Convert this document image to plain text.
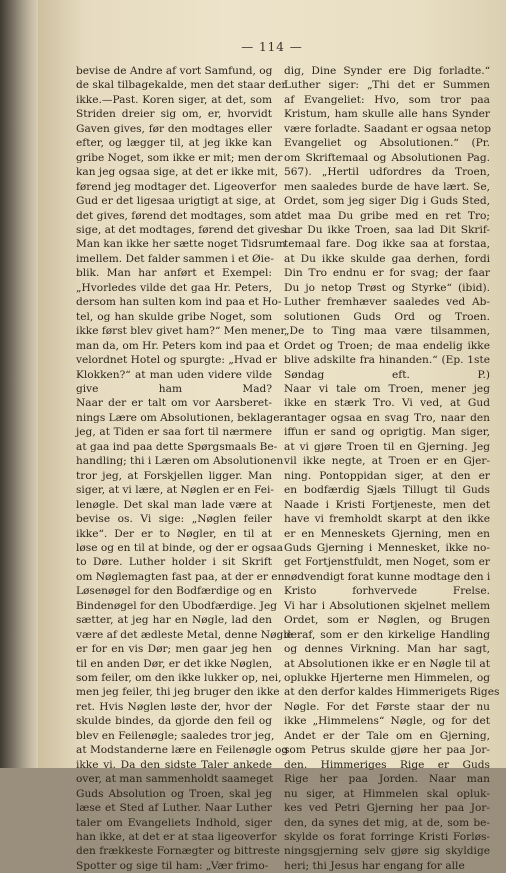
— 114 —
bevise de Andre af vort Samfund, og
de skal tilbagekalde, men det staar der
ikke.—Past. Koren siger, at det, som
Striden dreier sig om, er, hvorvidt
Gaven gives, før den modtages eller
efter, og lægger til, at jeg ikke kan
gribe Noget, som ikke er mit; men der
kan jeg ogsaa sige, at det er ikke mit,
førend jeg modtager det. Ligeoverfor
Gud er det ligesaa urigtigt at sige, at
det gives, førend det modtages, som at
sige, at det modtages, førend det gives.
Man kan ikke her sætte noget Tidsrum
imellem. Det falder sammen i et Øie-
blik. Man har anført et Exempel:
„Hvorledes vilde det gaa Hr. Peters,
dersom han sulten kom ind paa et Ho-
tel, og han skulde gribe Noget, som
ikke først blev givet ham?“ Men mener
man da, om Hr. Peters kom ind paa et
velordnet Hotel og spurgte: „Hvad er
Klokken?“ at man uden videre vilde
give ham Mad?
Naar der er talt om vor Aarsberet-
nings Lære om Absolutionen, beklager
jeg, at Tiden er saa fort til nærmere
at gaa ind paa dette Spørgsmaals Be-
handling; thi i Læren om Absolutionen
tror jeg, at Forskjellen ligger. Man
siger, at vi lære, at Nøglen er en Fei-
lenøgle. Det skal man lade være at
bevise os. Vi sige: „Nøglen feiler
ikke“. Der er to Nøgler, en til at
løse og en til at binde, og der er ogsaa
to Døre. Luther holder i sit Skrift
om Nøglemagten fast paa, at der er en
Løsenøgel for den Bodfærdige og en
Bindenøgel for den Ubodfærdige. Jeg
sætter, at jeg har en Nøgle, lad den
være af det ædleste Metal, denne Nøgle
er for en vis Dør; men gaar jeg hen
til en anden Dør, er det ikke Nøglen,
som feiler, om den ikke lukker op, nei,
men jeg feiler, thi jeg bruger den ikke
ret. Hvis Nøglen løste der, hvor der
skulde bindes, da gjorde den feil og
blev en Feilenøgle; saaledes tror jeg,
at Modstanderne lære en Feilenøgle og
ikke vi. Da den sidste Taler ankede
over, at man sammenholdt saameget
Guds Absolution og Troen, skal jeg
læse et Sted af Luther. Naar Luther
taler om Evangeliets Indhold, siger
han ikke, at det er at staa ligeoverfor
den frækkeste Fornægter og bittreste
Spotter og sige til ham: „Vær frimo-
dig, Dine Synder ere Dig forladte.“
Luther siger: „Thi det er Summen
af Evangeliet: Hvo, som tror paa
Kristum, ham skulle alle hans Synder
være forladte. Saadant er ogsaa netop
Evangeliet og Absolutionen.“ (Pr.
om Skriftemaal og Absolutionen Pag.
567). „Hertil udfordres da Troen,
men saaledes burde de have lært. Se,
Ordet, som jeg siger Dig i Guds Sted,
det maa Du gribe med en ret Tro;
har Du ikke Troen, saa lad Dit Skrif-
temaal fare. Dog ikke saa at forstaa,
at Du ikke skulde gaa derhen, fordi
Din Tro endnu er for svag; der faar
Du jo netop Trøst og Styrke“ (ibid).
Luther fremhæver saaledes ved Ab-
solutionen Guds Ord og Troen.
„De to Ting maa være tilsammen,
Ordet og Troen; de maa endelig ikke
blive adskilte fra hinanden.“ (Ep. 1ste
Søndag eft. P.)
Naar vi tale om Troen, mener jeg
ikke en stærk Tro. Vi ved, at Gud
antager ogsaa en svag Tro, naar den
iffun er sand og oprigtig. Man siger,
at vi gjøre Troen til en Gjerning. Jeg
vil ikke negte, at Troen er en Gjer-
ning. Pontoppidan siger, at den er
en bodfærdig Sjæls Tillugt til Guds
Naade i Kristi Fortjeneste, men det
have vi fremholdt skarpt at den ikke
er en Menneskets Gjerning, men en
Guds Gjerning i Mennesket, ikke no-
get Fortjenstfuldt, men Noget, som er
nødvendigt forat kunne modtage den i
Kristo forhvervede Frelse.
Vi har i Absolutionen skjelnet mellem
Ordet, som er Nøglen, og Brugen
deraf, som er den kirkelige Handling
og dennes Virkning. Man har sagt,
at Absolutionen ikke er en Nøgle til at
oplukke Hjerterne men Himmelen, og
at den derfor kaldes Himmerigets Riges
Nøgle. For det Første staar der nu
ikke „Himmelens“ Nøgle, og for det
Andet er der Tale om en Gjerning,
som Petrus skulde gjøre her paa Jor-
den. Himmeriges Rige er Guds
Rige her paa Jorden. Naar man
nu siger, at Himmelen skal opluk-
kes ved Petri Gjerning her paa Jor-
den, da synes det mig, at de, som be-
skylde os forat forringe Kristi Forløs-
ningsgjerning selv gjøre sig skyldige
heri; thi Jesus har engang for alle
